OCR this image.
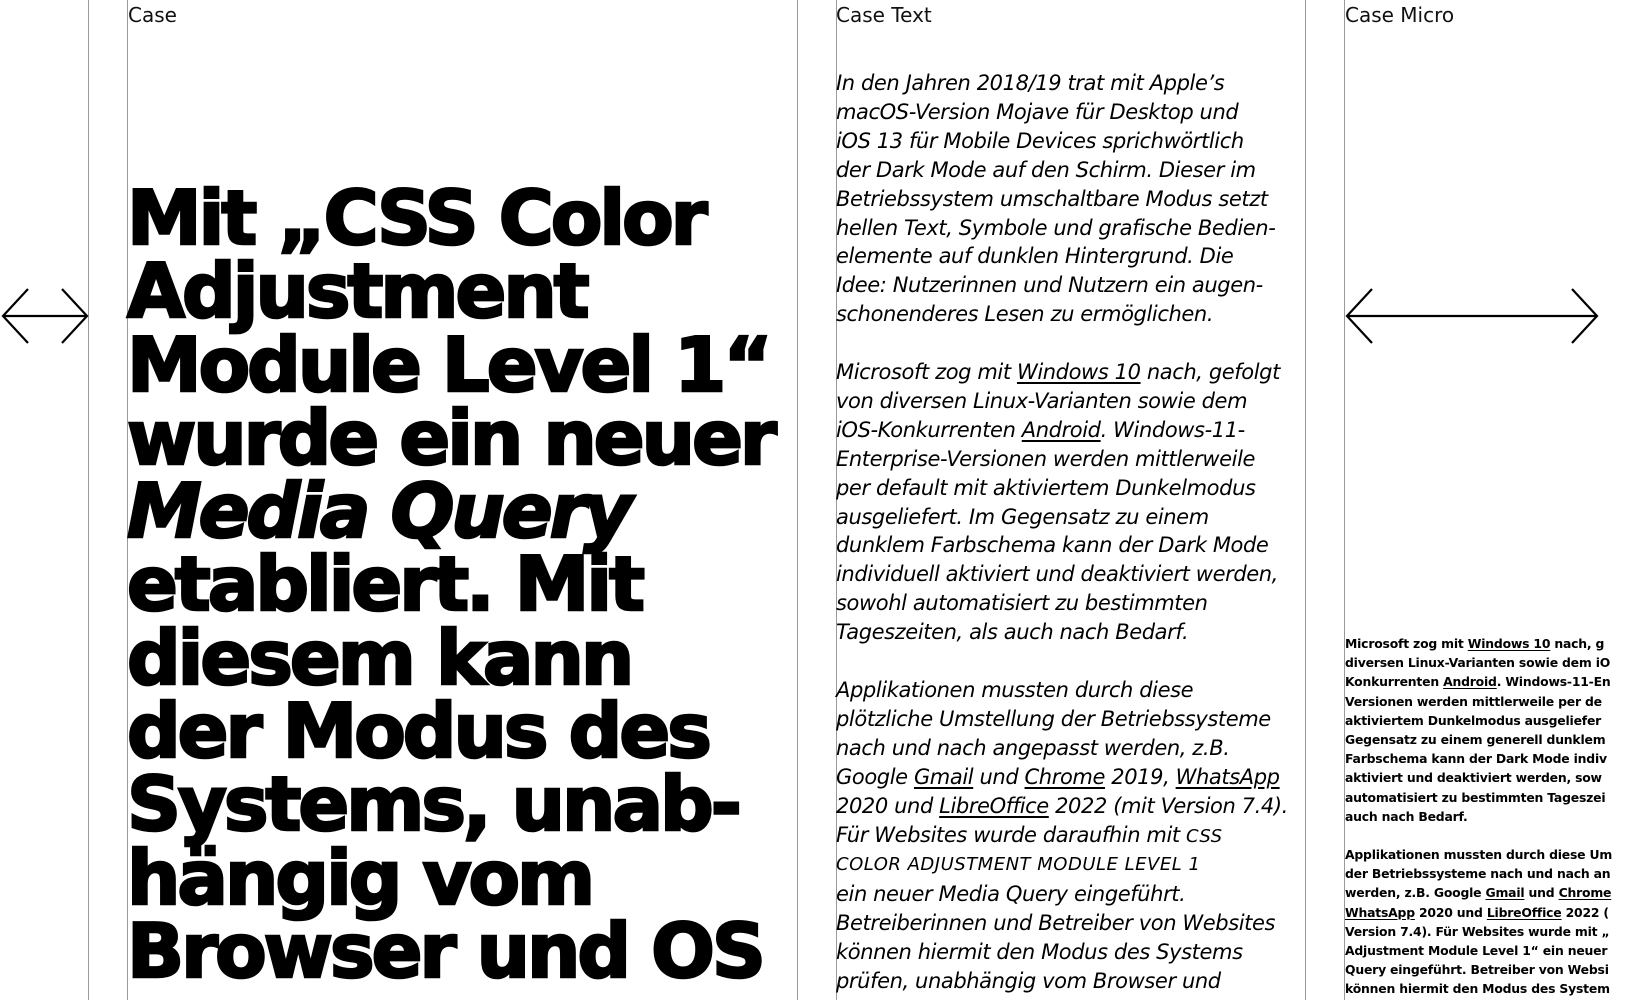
Case	Case Text	Case Micro
Mit „CSS Color
Adjustment
Module Level 1“
wurde ein neuer
Media Query
etabliert. Mit
diesem kann
der Modus des
Systems, unab-
hängig vom
Browser und OS

In den Jahren 2018/19 trat mit Apple’s
macOS-Version Mojave für Desktop und
iOS 13 für Mobile Devices sprichwörtlich
der Dark Mode auf den Schirm. Dieser im
Betriebssystem umschaltbare Modus setzt
hellen Text, Symbole und grafische Bedien-
elemente auf dunklen Hintergrund. Die
Idee: Nutzerinnen und Nutzern ein augen-
schonenderes Lesen zu ermöglichen.

Microsoft zog mit Windows 10 nach, gefolgt
von diversen Linux-Varianten sowie dem
iOS-Konkurrenten Android. Windows-11-
Enterprise-Versionen werden mittlerweile
per default mit aktiviertem Dunkelmodus
ausgeliefert. Im Gegensatz zu einem
dunklem Farbschema kann der Dark Mode
individuell aktiviert und deaktiviert werden,
sowohl automatisiert zu bestimmten
Tageszeiten, als auch nach Bedarf.

Applikationen mussten durch diese
plötzliche Umstellung der Betriebssysteme
nach und nach angepasst werden, z.B.
Google Gmail und Chrome 2019, WhatsApp
2020 und LibreOffice 2022 (mit Version 7.4).
Für Websites wurde daraufhin mit CSS
COLOR ADJUSTMENT MODULE LEVEL 1
ein neuer Media Query eingeführt.
Betreiberinnen und Betreiber von Websites
können hiermit den Modus des Systems
prüfen, unabhängig vom Browser und

Microsoft zog mit Windows 10 nach, g
diversen Linux-Varianten sowie dem iO
Konkurrenten Android. Windows-11-En
Versionen werden mittlerweile per de
aktiviertem Dunkelmodus ausgeliefer
Gegensatz zu einem generell dunklem
Farbschema kann der Dark Mode indiv
aktiviert und deaktiviert werden, sow
automatisiert zu bestimmten Tageszei
auch nach Bedarf.

Applikationen mussten durch diese Um
der Betriebssysteme nach und nach an
werden, z.B. Google Gmail und Chrome
WhatsApp 2020 und LibreOffice 2022 (
Version 7.4). Für Websites wurde mit „
Adjustment Module Level 1“ ein neuer
Query eingeführt. Betreiber von Websi
können hiermit den Modus des System
